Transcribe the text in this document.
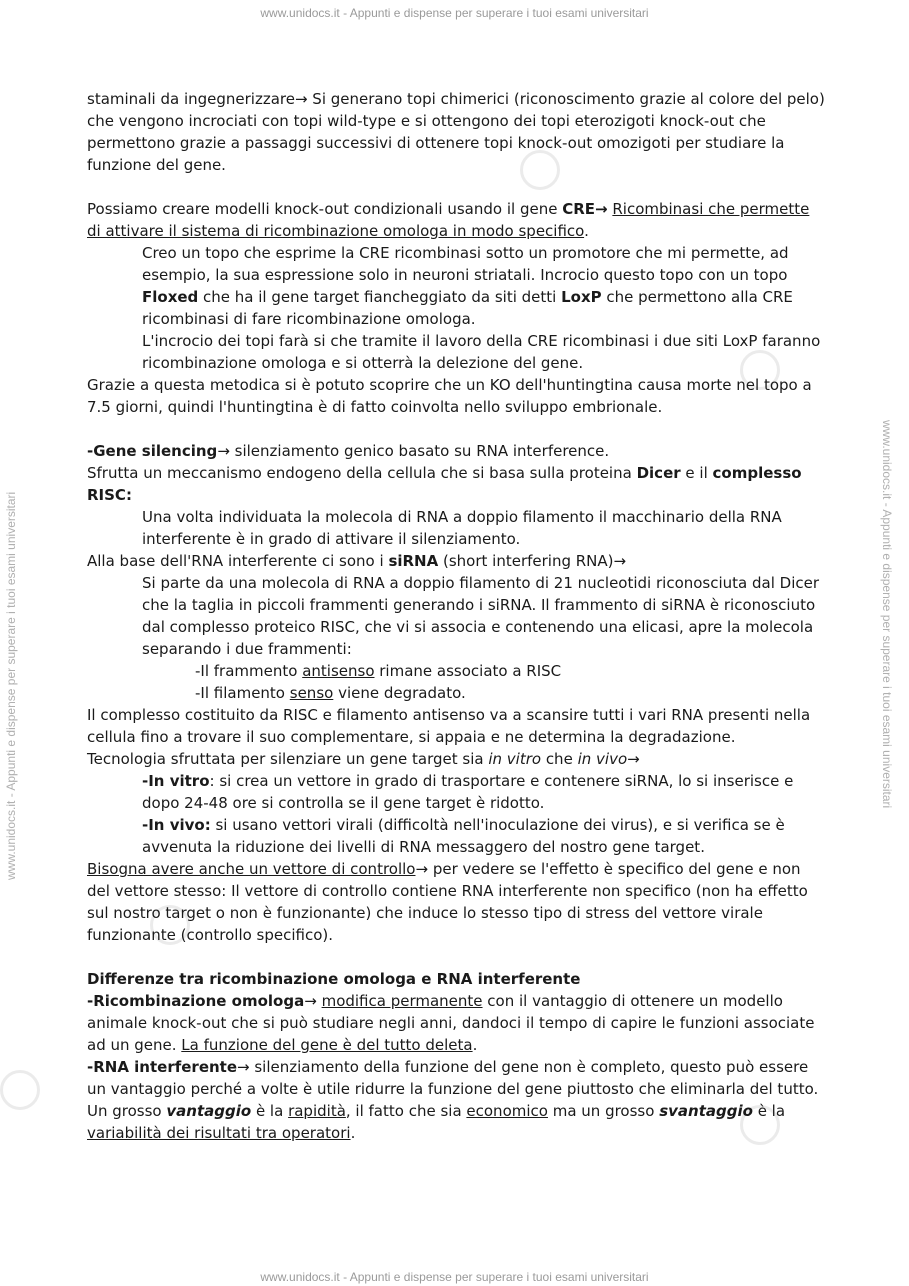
www.unidocs.it - Appunti e dispense per superare i tuoi esami universitari
www.unidocs.it - Appunti e dispense per superare i tuoi esami universitari	www.unidocs.it - Appunti e dispense per superare i tuoi esami universitari

staminali da ingegnerizzare→ Si generano topi chimerici (riconoscimento grazie al colore del pelo) che vengono incrociati con topi wild-type e si ottengono dei topi eterozigoti knock-out che permettono grazie a passaggi successivi di ottenere topi knock-out omozigoti per studiare la funzione del gene.

Possiamo creare modelli knock-out condizionali usando il gene CRE→ Ricombinasi che permette di attivare il sistema di ricombinazione omologa in modo specifico.

Creo un topo che esprime la CRE ricombinasi sotto un promotore che mi permette, ad esempio, la sua espressione solo in neuroni striatali. Incrocio questo topo con un topo Floxed che ha il gene target fiancheggiato da siti detti LoxP che permettono alla CRE ricombinasi di fare ricombinazione omologa.

L'incrocio dei topi farà si che tramite il lavoro della CRE ricombinasi i due siti LoxP faranno ricombinazione omologa e si otterrà la delezione del gene.

Grazie a questa metodica si è potuto scoprire che un KO dell'huntingtina causa morte nel topo a 7.5 giorni, quindi l'huntingtina è di fatto coinvolta nello sviluppo embrionale.

-Gene silencing→ silenziamento genico basato su RNA interference.

Sfrutta un meccanismo endogeno della cellula che si basa sulla proteina Dicer e il complesso RISC:

Una volta individuata la molecola di RNA a doppio filamento il macchinario della RNA interferente è in grado di attivare il silenziamento.

Alla base dell'RNA interferente ci sono i siRNA (short interfering RNA)→

Si parte da una molecola di RNA a doppio filamento di 21 nucleotidi riconosciuta dal Dicer che la taglia in piccoli frammenti generando i siRNA. Il frammento di siRNA è riconosciuto dal complesso proteico RISC, che vi si associa e contenendo una elicasi, apre la molecola separando i due frammenti:

-Il frammento antisenso rimane associato a RISC

-Il filamento senso viene degradato.

Il complesso costituito da RISC e filamento antisenso va a scansire tutti i vari RNA presenti nella cellula fino a trovare il suo complementare, si appaia e ne determina la degradazione.

Tecnologia sfruttata per silenziare un gene target sia in vitro che in vivo→

-In vitro: si crea un vettore in grado di trasportare e contenere siRNA, lo si inserisce e dopo 24-48 ore si controlla se il gene target è ridotto.

-In vivo: si usano vettori virali (difficoltà nell'inoculazione dei virus), e si verifica se è avvenuta la riduzione dei livelli di RNA messaggero del nostro gene target.

Bisogna avere anche un vettore di controllo→ per vedere se l'effetto è specifico del gene e non del vettore stesso: Il vettore di controllo contiene RNA interferente non specifico (non ha effetto sul nostro target o non è funzionante) che induce lo stesso tipo di stress del vettore virale funzionante (controllo specifico).

Differenze tra ricombinazione omologa e RNA interferente

-Ricombinazione omologa→ modifica permanente con il vantaggio di ottenere un modello animale knock-out che si può studiare negli anni, dandoci il tempo di capire le funzioni associate ad un gene. La funzione del gene è del tutto deleta.

-RNA interferente→ silenziamento della funzione del gene non è completo, questo può essere un vantaggio perché a volte è utile ridurre la funzione del gene piuttosto che eliminarla del tutto. Un grosso vantaggio è la rapidità, il fatto che sia economico ma un grosso svantaggio è la variabilità dei risultati tra operatori.

www.unidocs.it - Appunti e dispense per superare i tuoi esami universitari
